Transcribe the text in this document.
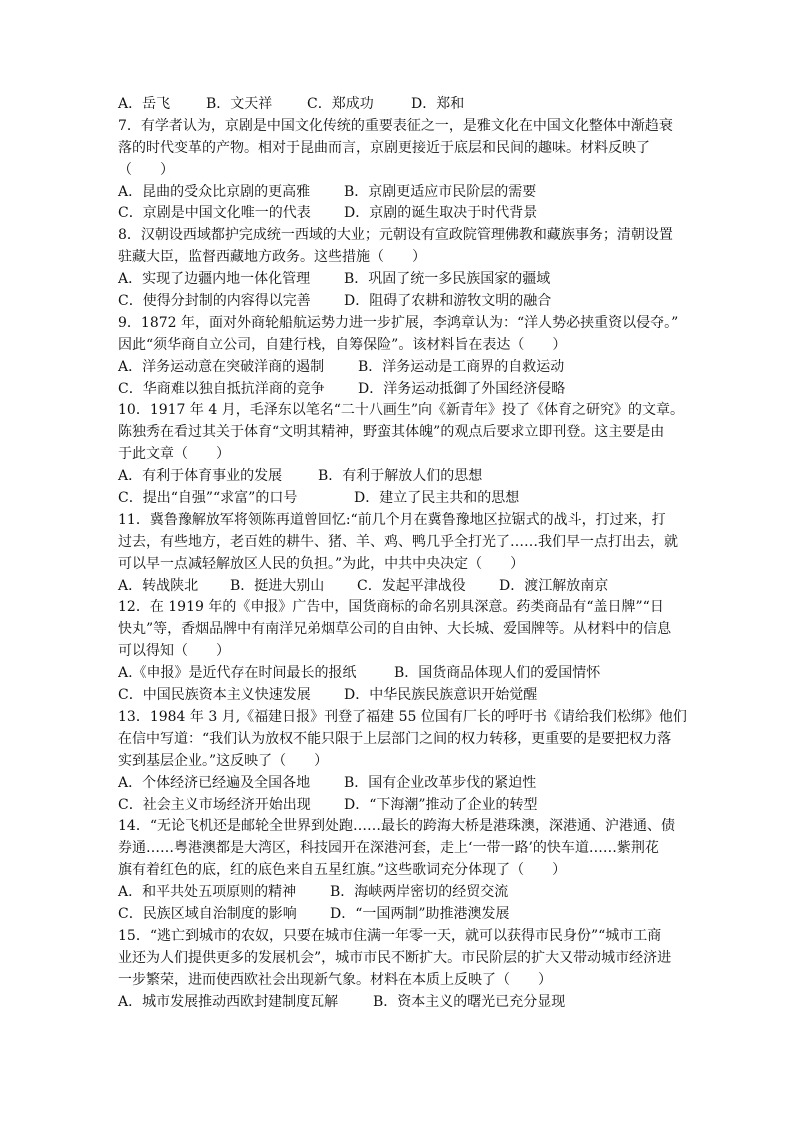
A．岳飞	B．文天祥 C．郑成功	D．郑和
7．有学者认为，京剧是中国文化传统的重要表征之一，是雅文化在中国文化整体中渐趋衰
落的时代变革的产物。相对于昆曲而言，京剧更接近于底层和民间的趣味。材料反映了
（　　）
A．昆曲的受众比京剧的更高雅 B．京剧更适应市民阶层的需要
C．京剧是中国文化唯一的代表 D．京剧的诞生取决于时代背景
8．汉朝设西域都护完成统一西域的大业；元朝设有宣政院管理佛教和藏族事务；清朝设置
驻藏大臣，监督西藏地方政务。这些措施（　　）
A．实现了边疆内地一体化管理 B．巩固了统一多民族国家的疆域
C．使得分封制的内容得以完善 D．阻碍了农耕和游牧文明的融合
9．1872 年，面对外商轮船航运势力进一步扩展，李鸿章认为：“洋人势必挟重资以侵夺。”
因此“须华商自立公司，自建行栈，自筹保险”。该材料旨在表达（　　）
A．洋务运动意在突破洋商的遏制 B．洋务运动是工商界的自救运动
C．华商难以独自抵抗洋商的竞争 D．洋务运动抵御了外国经济侵略
10．1917 年 4 月，毛泽东以笔名“二十八画生”向《新青年》投了《体育之研究》的文章。
陈独秀在看过其关于体育“文明其精神，野蛮其体魄”的观点后要求立即刊登。这主要是由
于此文章（　　）
A．有利于体育事业的发展	B．有利于解放人们的思想
C．提出“自强”“求富”的口号	D．建立了民主共和的思想
11．冀鲁豫解放军将领陈再道曾回忆:“前几个月在冀鲁豫地区拉锯式的战斗，打过来，打
过去，有些地方，老百姓的耕牛、猪、羊、鸡、鸭几乎全打光了……我们早一点打出去，就
可以早一点减轻解放区人民的负担。”为此，中共中央决定（　　）
A．转战陕北 B．挺进大别山 C．发起平津战役 D．渡江解放南京
12．在 1919 年的《申报》广告中，国货商标的命名别具深意。药类商品有“盖日牌”“日
快丸”等，香烟品牌中有南洋兄弟烟草公司的自由钟、大长城、爱国牌等。从材料中的信息
可以得知（　　）
A.《申报》是近代存在时间最长的报纸	B．国货商品体现人们的爱国情怀
C．中国民族资本主义快速发展 D．中华民族民族意识开始觉醒
13．1984 年 3 月,《福建日报》刊登了福建 55 位国有厂长的呼吁书《请给我们松绑》他们
在信中写道：“我们认为放权不能只限于上层部门之间的权力转移，更重要的是要把权力落
实到基层企业。”这反映了（　　）
A．个体经济已经遍及全国各地 B．国有企业改革步伐的紧迫性
C．社会主义市场经济开始出现 D．“下海潮”推动了企业的转型
14．“无论飞机还是邮轮全世界到处跑……最长的跨海大桥是港珠澳，深港通、沪港通、债
券通……粤港澳都是大湾区，科技园开在深港河套，走上‘一带一路’的快车道……紫荆花
旗有着红色的底，红的底色来自五星红旗。”这些歌词充分体现了（　　）
A．和平共处五项原则的精神 B．海峡两岸密切的经贸交流
C．民族区域自治制度的影响 D．“一国两制”助推港澳发展
15．“逃亡到城市的农奴，只要在城市住满一年零一天，就可以获得市民身份”“城市工商
业还为人们提供更多的发展机会”，城市市民不断扩大。市民阶层的扩大又带动城市经济进
一步繁荣，进而使西欧社会出现新气象。材料在本质上反映了（　　）
A．城市发展推动西欧封建制度瓦解 B．资本主义的曙光已充分显现
